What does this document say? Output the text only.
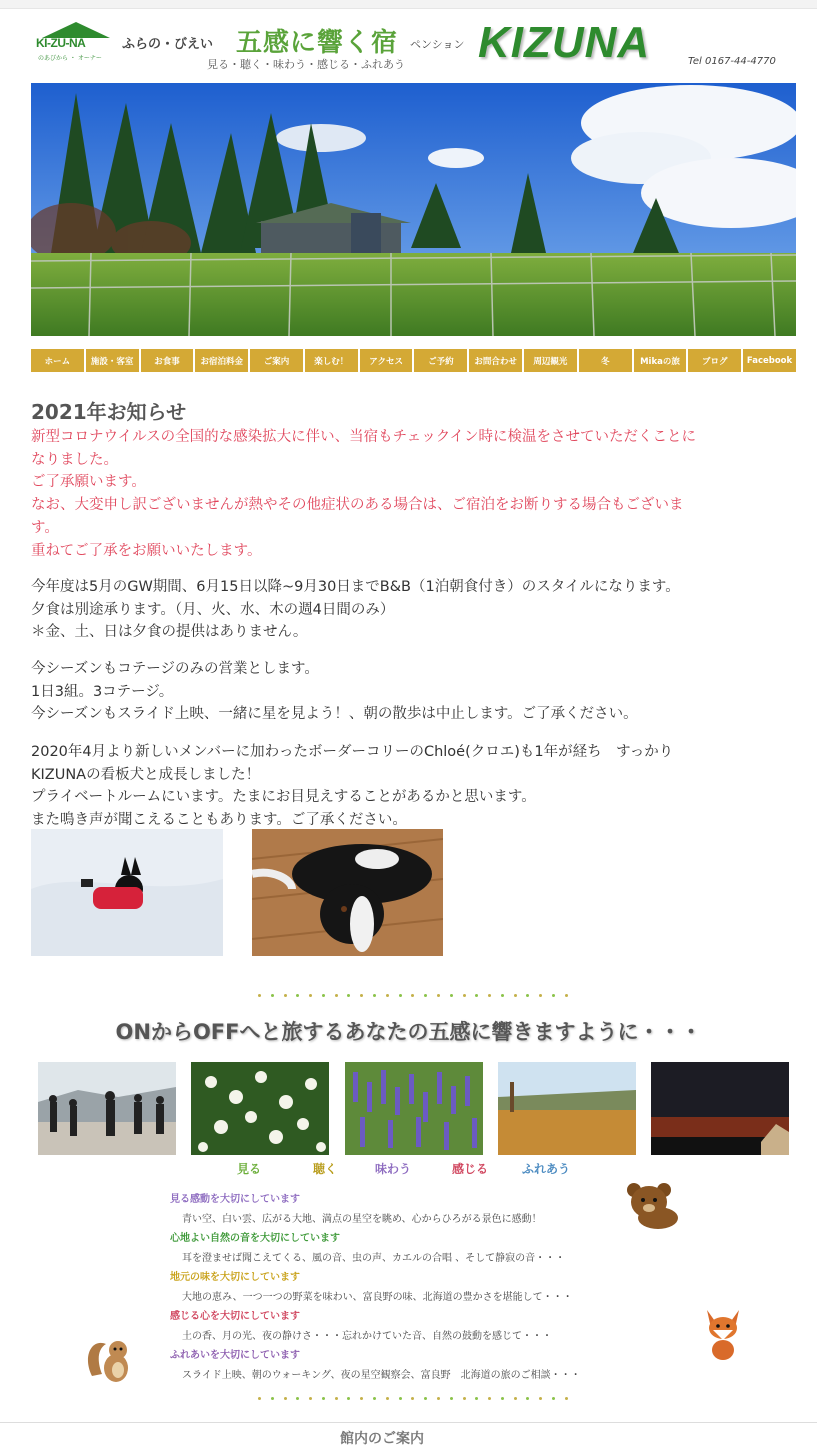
KI-ZU-NA
のあびから ・ オーナー
ふらの・びえい 五感に響く宿
見る・聴く・味わう・感じる・ふれあう
ペンション KIZUNA	Tel 0167-44-4770
ホーム	施設・客室	お食事	お宿泊料金	ご案内	楽しむ！	アクセス	ご予約	お問合わせ	周辺観光	冬	Mikaの旅	ブログ	Facebook
2021年お知らせ
新型コロナウイルスの全国的な感染拡大に伴い、当宿もチェックイン時に検温をさせていただくことに
なりました。
ご了承願います。
なお、大変申し訳ございませんが熱やその他症状のある場合は、ご宿泊をお断りする場合もございま
す。
重ねてご了承をお願いいたします。
今年度は5月のGW期間、6月15日以降~9月30日までB&B（1泊朝食付き）のスタイルになります。
夕食は別途承ります。（月、火、水、木の週4日間のみ）
＊金、土、日は夕食の提供はありません。
今シーズンもコテージのみの営業とします。
1日3組。3コテージ。
今シーズンもスライド上映、一緒に星を見よう！、朝の散歩は中止します。ご了承ください。
2020年4月より新しいメンバーに加わったボーダーコリーのChloé(クロエ)も1年が経ち　すっかり
KIZUNAの看板犬と成長しました！
プライベートルームにいます。たまにお目見えすることがあるかと思います。
また鳴き声が聞こえることもあります。ご了承ください。
ONからOFFへと旅するあなたの五感に響きますように・・・
見る	聴く	味わう	感じる	ふれあう
見る感動を大切にしています
青い空、白い雲、広がる大地、満点の星空を眺め、心からひろがる景色に感動！
心地よい自然の音を大切にしています
耳を澄ませば聞こえてくる、風の音、虫の声、カエルの合唱 、そして静寂の音・・・
地元の味を大切にしています
大地の恵み、一つ一つの野菜を味わい、富良野の味、北海道の豊かさを堪能して・・・
感じる心を大切にしています
土の香、月の光、夜の静けさ・・・忘れかけていた音、自然の鼓動を感じて・・・
ふれあいを大切にしています
スライド上映、朝のウォーキング、夜の星空観察会、富良野　北海道の旅のご相談・・・
館内のご案内
